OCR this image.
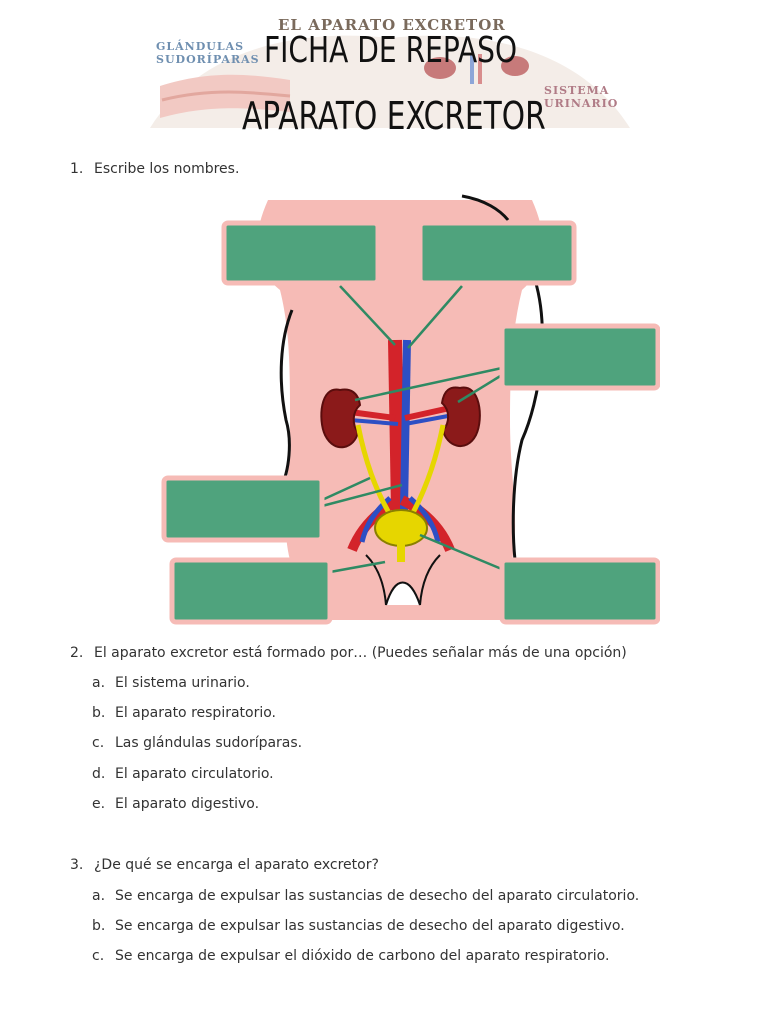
EL APARATO EXCRETOR
GLÁNDULAS
SUDORÍPARAS
SISTEMA
URINARIO
FICHA DE REPASO
APARATO EXCRETOR
1. Escribe los nombres.
2. El aparato excretor está formado por… (Puedes señalar más de una opción)
a. El sistema urinario.
b. El aparato respiratorio.
c. Las glándulas sudoríparas.
d. El aparato circulatorio.
e. El aparato digestivo.
3. ¿De qué se encarga el aparato excretor?
a. Se encarga de expulsar las sustancias de desecho del aparato circulatorio.
b. Se encarga de expulsar las sustancias de desecho del aparato digestivo.
c. Se encarga de expulsar el dióxido de carbono del aparato respiratorio.
